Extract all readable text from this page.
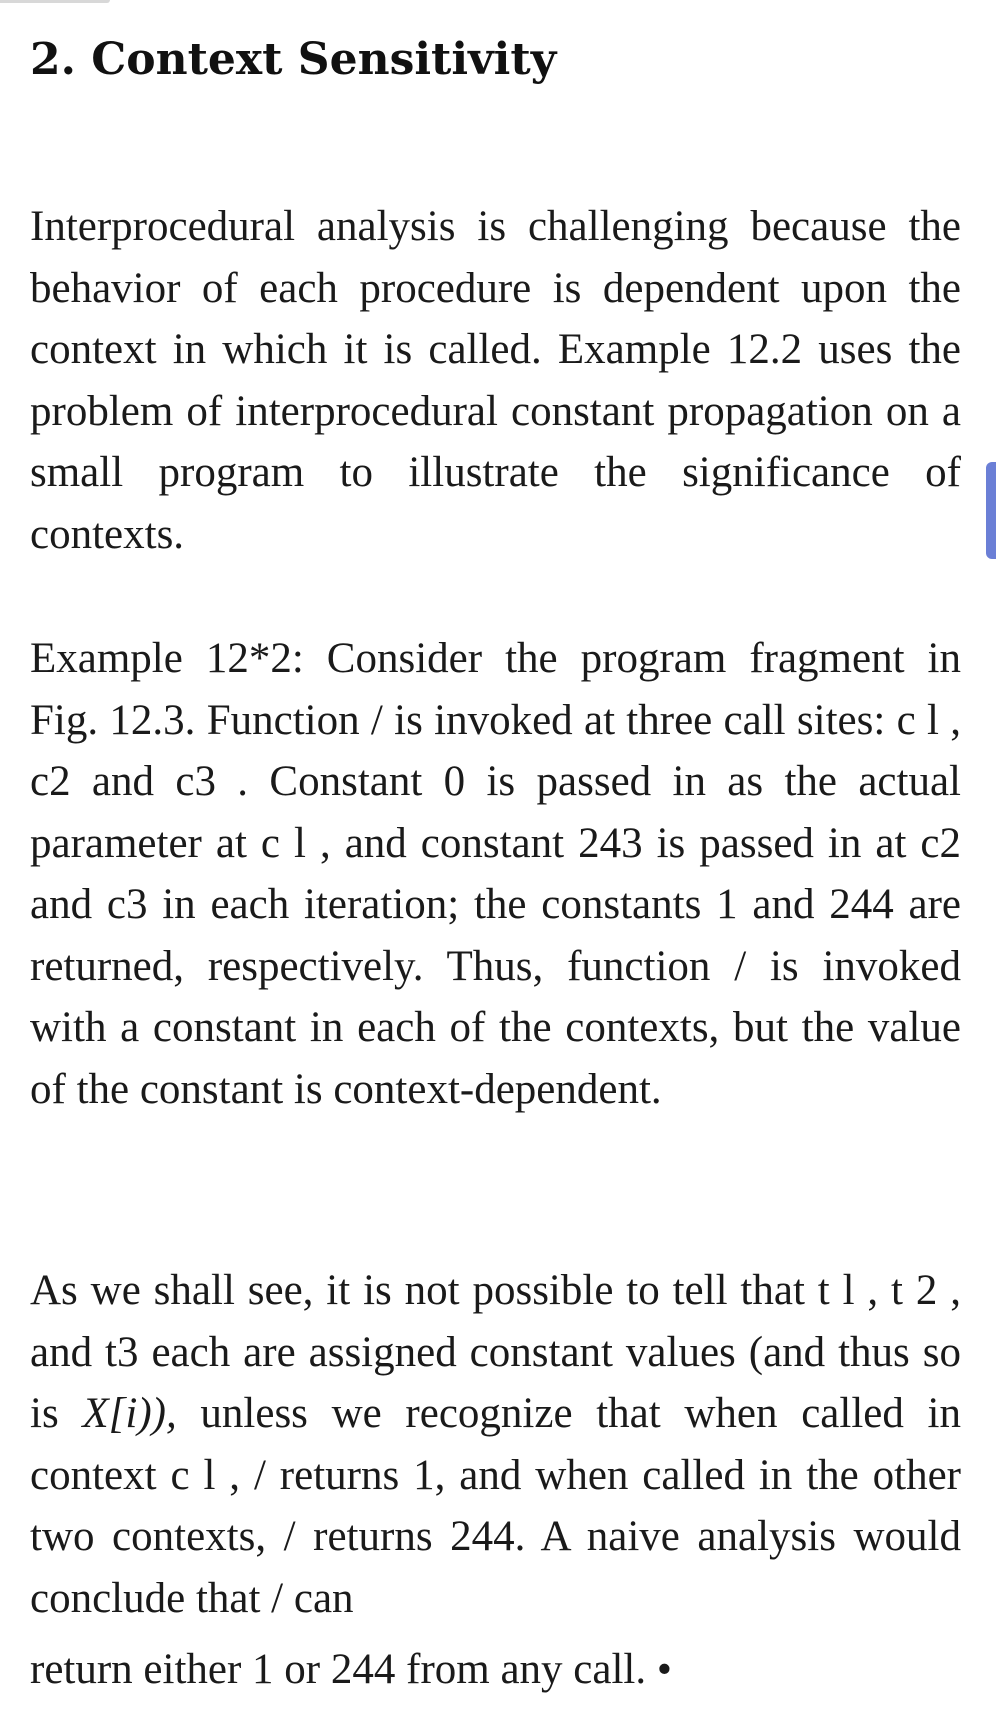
2. Context Sensitivity

Interprocedural analysis is challenging because the behavior of each procedure is dependent upon the context in which it is called. Example 12.2 uses the problem of interprocedural constant propagation on a small program to illustrate the significance of contexts.

Example 12*2: Consider the program fragment in Fig. 12.3. Function / is invoked at three call sites: c l , c2 and c3 . Constant 0 is passed in as the actual parameter at c l , and constant 243 is passed in at c2 and c3 in each iteration; the constants 1 and 244 are returned, respectively. Thus, function / is invoked with a constant in each of the contexts, but the value of the constant is context-dependent.

As we shall see, it is not possible to tell that t l , t 2 , and t3 each are assigned constant values (and thus so is X[i)), unless we recognize that when called in context c l , / returns 1, and when called in the other two contexts, / returns 244. A naive analysis would conclude that / can
return either 1 or 244 from any call. •
